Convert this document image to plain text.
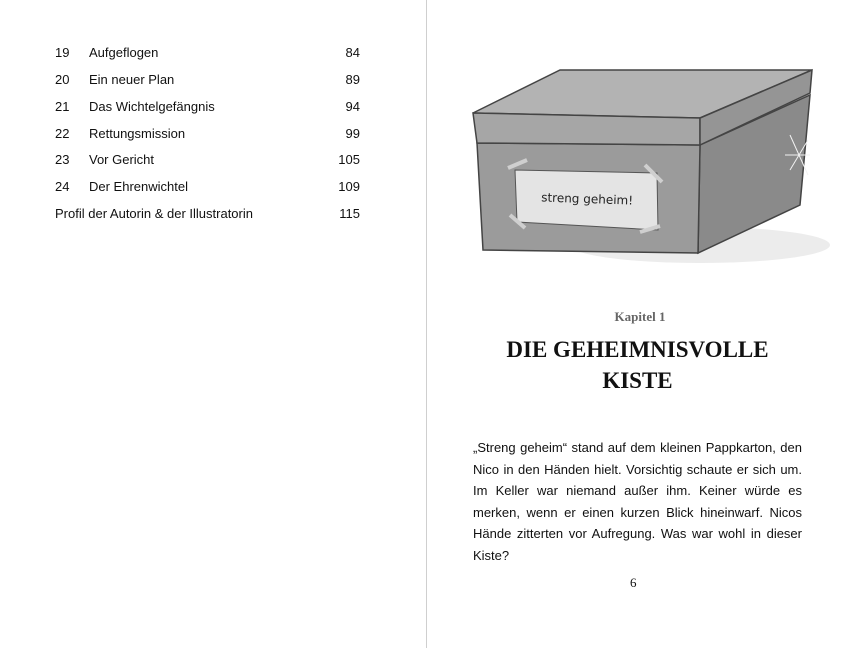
19 Aufgeflogen	84
20 Ein neuer Plan	89
21 Das Wichtelgefängnis	94
22 Rettungsmission	99
23 Vor Gericht	105
24 Der Ehrenwichtel	109
Profil der Autorin & der Illustratorin	115
streng geheim!
Kapitel 1
DIE GEHEIMNISVOLLE
KISTE
„Streng geheim“ stand auf dem kleinen Pappkarton, den Nico in den Händen hielt. Vorsichtig schaute er sich um. Im Keller war niemand außer ihm. Keiner würde es merken, wenn er einen kurzen Blick hineinwarf. Nicos Hände zitterten vor Aufregung. Was war wohl in dieser Kiste?
6
